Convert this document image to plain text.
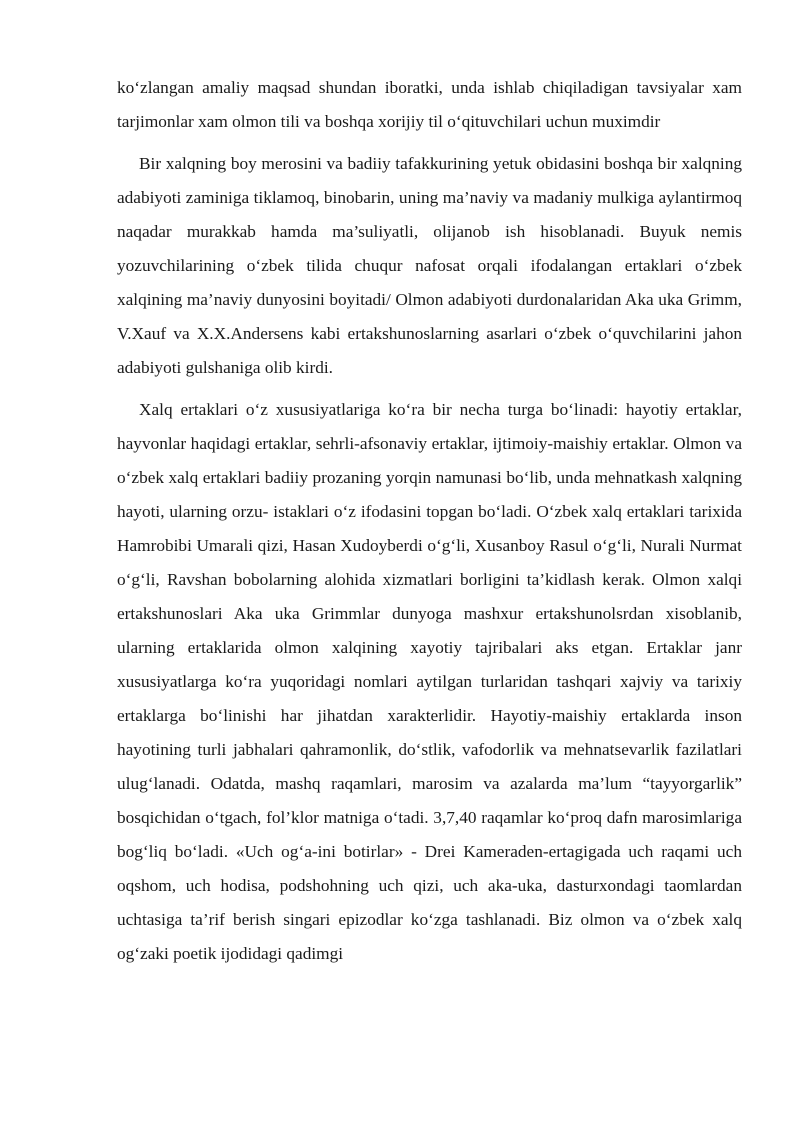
ko‘zlangan amaliy maqsad shundan iboratki, unda ishlab chiqiladigan tavsiyalar xam tarjimonlar xam olmon tili va boshqa xorijiy til o‘qituvchilari uchun muximdir

Bir xalqning boy merosini va badiiy tafakkurining yetuk obidasini boshqa bir xalqning adabiyoti zaminiga tiklamoq, binobarin, uning ma’naviy va madaniy mulkiga aylantirmoq naqadar murakkab hamda ma’suliyatli, olijanob ish hisoblanadi. Buyuk nemis yozuvchilarining o‘zbek tilida chuqur nafosat orqali ifodalangan ertaklari o‘zbek xalqining ma’naviy dunyosini boyitadi/ Olmon adabiyoti durdonalaridan Aka uka Grimm, V.Xauf va X.X.Andersens kabi ertakshunoslarning asarlari o‘zbek o‘quvchilarini jahon adabiyoti gulshaniga olib kirdi.

Xalq ertaklari o‘z xususiyatlariga ko‘ra bir necha turga bo‘linadi: hayotiy ertaklar, hayvonlar haqidagi ertaklar, sehrli-afsonaviy ertaklar, ijtimoiy-maishiy ertaklar. Olmon va o‘zbek xalq ertaklari badiiy prozaning yorqin namunasi bo‘lib, unda mehnatkash xalqning hayoti, ularning orzu- istaklari o‘z ifodasini topgan bo‘ladi. O‘zbek xalq ertaklari tarixida Hamrobibi Umarali qizi, Hasan Xudoyberdi o‘g‘li, Xusanboy Rasul o‘g‘li, Nurali Nurmat o‘g‘li, Ravshan bobolarning alohida xizmatlari borligini ta’kidlash kerak. Olmon xalqi ertakshunoslari Aka uka Grimmlar dunyoga mashxur ertakshunolsrdan xisoblanib, ularning ertaklarida olmon xalqining xayotiy tajribalari aks etgan. Ertaklar janr xususiyatlarga ko‘ra yuqoridagi nomlari aytilgan turlaridan tashqari xajviy va tarixiy ertaklarga bo‘linishi har jihatdan xarakterlidir. Hayotiy-maishiy ertaklarda inson hayotining turli jabhalari qahramonlik, do‘stlik, vafodorlik va mehnatsevarlik fazilatlari ulug‘lanadi. Odatda, mashq raqamlari, marosim va azalarda ma’lum “tayyorgarlik” bosqichidan o‘tgach, fol’klor matniga o‘tadi. 3,7,40 raqamlar ko‘proq dafn marosimlariga bog‘liq bo‘ladi. «Uch og‘a-ini botirlar» - Drei Kameraden-ertagigada uch raqami uch oqshom, uch hodisa, podshohning uch qizi, uch aka-uka, dasturxondagi taomlardan uchtasiga ta’rif berish singari epizodlar ko‘zga tashlanadi. Biz olmon va o‘zbek xalq og‘zaki poetik ijodidagi qadimgi
